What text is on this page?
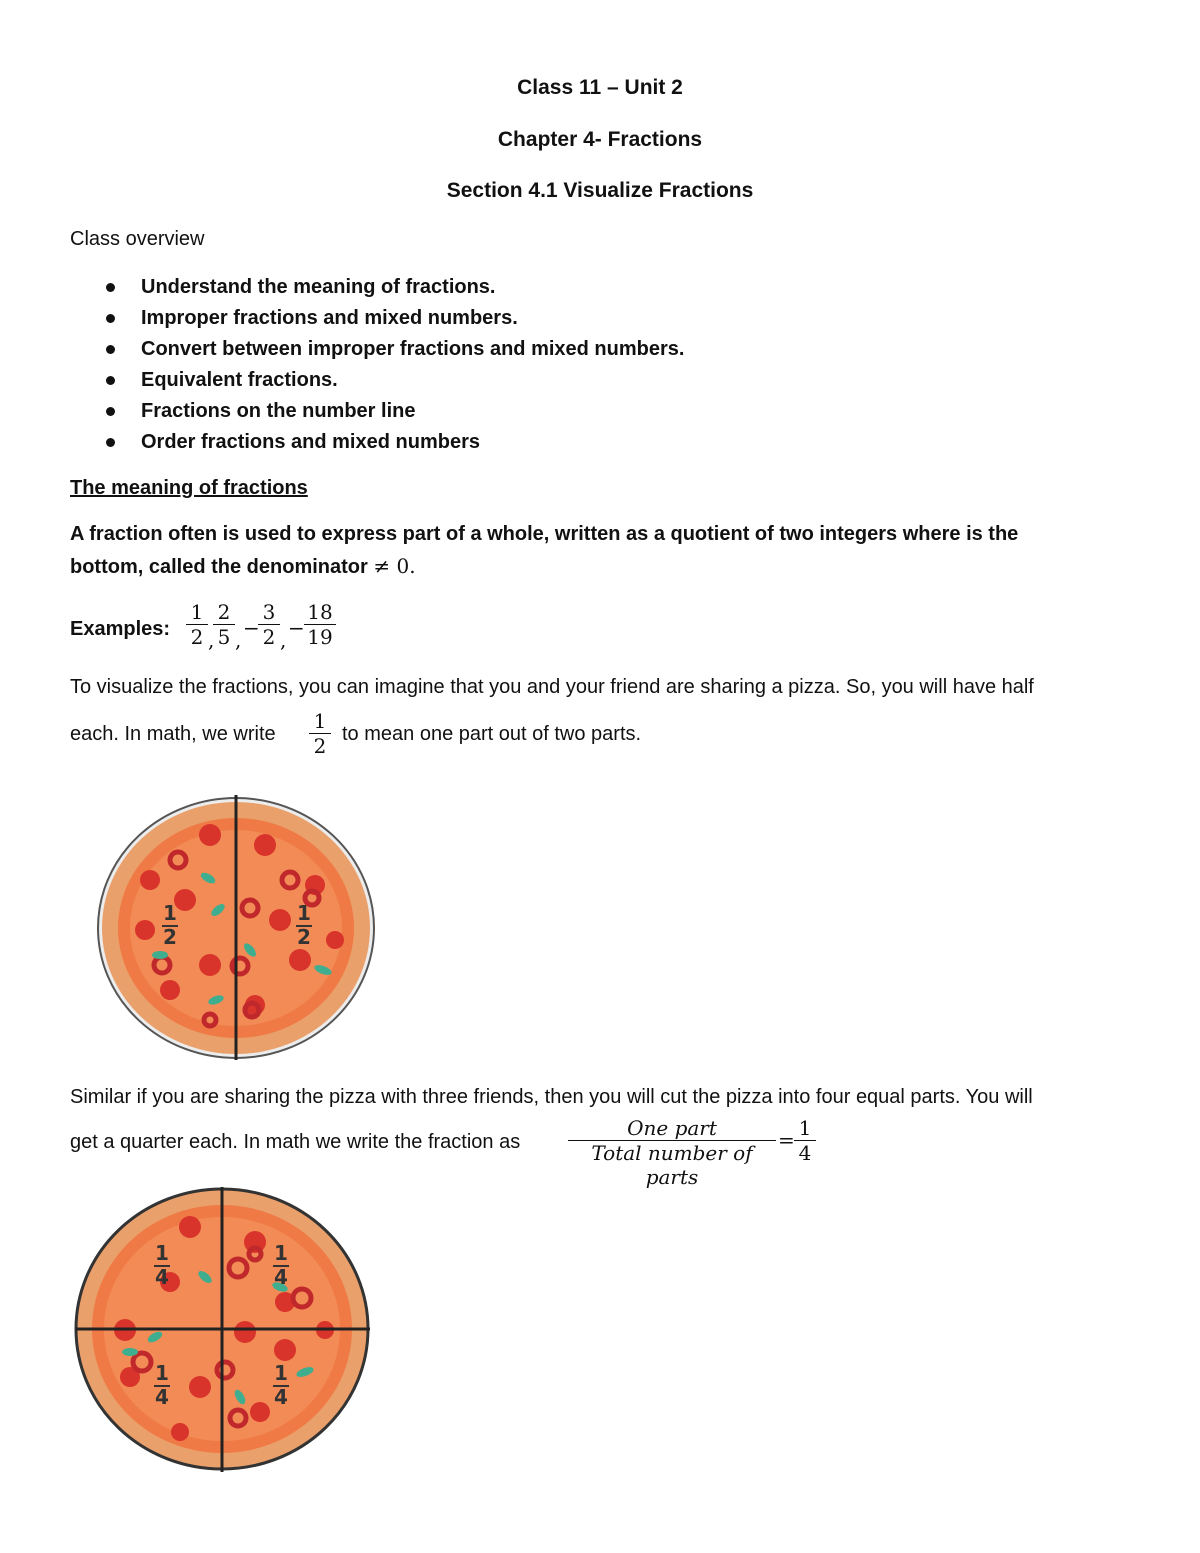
Class 11 – Unit 2
Chapter 4- Fractions
Section 4.1 Visualize Fractions
Class overview
Understand the meaning of fractions.
Improper fractions and mixed numbers.
Convert between improper fractions and mixed numbers.
Equivalent fractions.
Fractions on the number line
Order fractions and mixed numbers
The meaning of fractions
A fraction often is used to express part of a whole, written as a quotient of two integers where is the
bottom, called the denominator ≠ 0.
Examples: $\frac{1}{2}$ ,
$\frac{2}{5}$ , −
$\frac{3}{2}$ , − $\frac{18}{19}$
To visualize the fractions, you can imagine that you and your friend are sharing a pizza. So, you will have half
each. In math, we write $\frac{1}{2}$ to mean one part out of two parts.
1
2
1
2
Similar if you are sharing the pizza with three friends, then you will cut the pizza into four equal parts. You will
get a quarter each. In math we write the fraction as
One part
Total number of parts
= $\frac{1}{4}$
1
4
1
4
1
4
1
4
